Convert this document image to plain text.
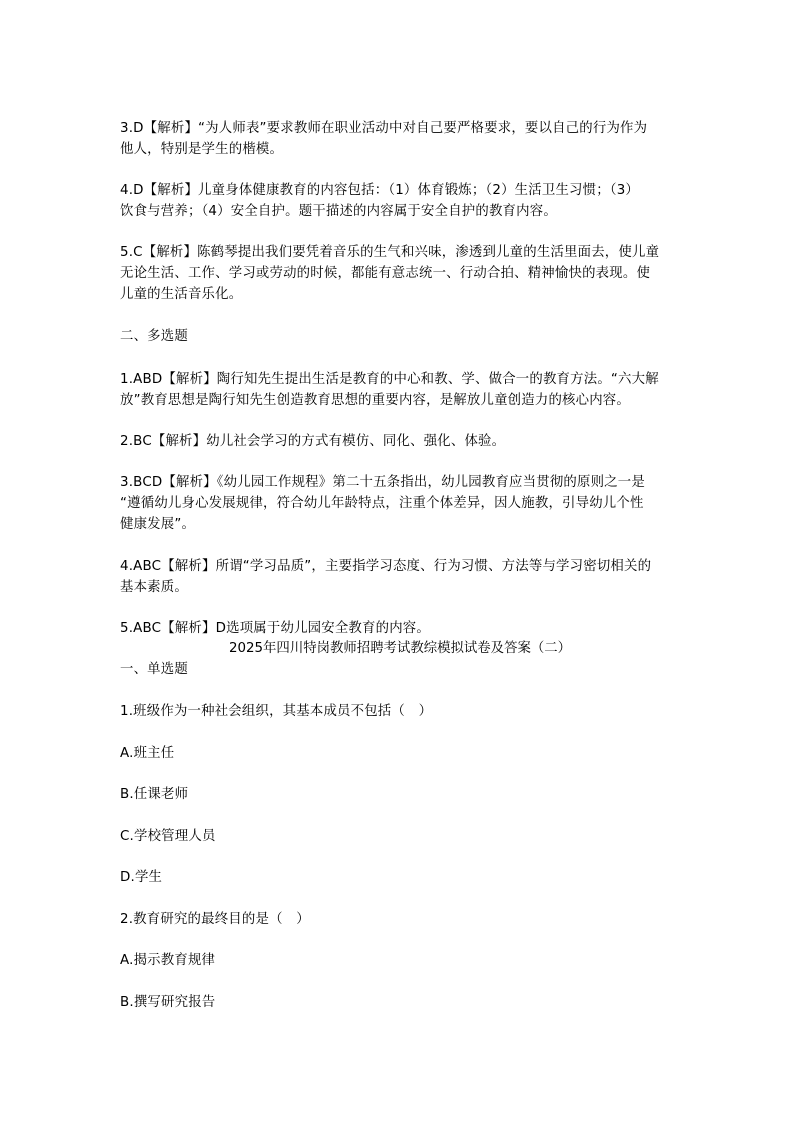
3.D【解析】“为人师表”要求教师在职业活动中对自己要严格要求，要以自己的行为作为
他人，特别是学生的楷模。
4.D【解析】儿童身体健康教育的内容包括：（1）体育锻炼；（2）生活卫生习惯；（3）
饮食与营养；（4）安全自护。题干描述的内容属于安全自护的教育内容。
5.C【解析】陈鹤琴提出我们要凭着音乐的生气和兴味，渗透到儿童的生活里面去，使儿童
无论生活、工作、学习或劳动的时候，都能有意志统一、行动合拍、精神愉快的表现。使
儿童的生活音乐化。
二、多选题
1.ABD【解析】陶行知先生提出生活是教育的中心和教、学、做合一的教育方法。“六大解
放”教育思想是陶行知先生创造教育思想的重要内容，是解放儿童创造力的核心内容。
2.BC【解析】幼儿社会学习的方式有模仿、同化、强化、体验。
3.BCD【解析】《幼儿园工作规程》第二十五条指出，幼儿园教育应当贯彻的原则之一是
“遵循幼儿身心发展规律，符合幼儿年龄特点，注重个体差异，因人施教，引导幼儿个性
健康发展”。
4.ABC【解析】所谓“学习品质”，主要指学习态度、行为习惯、方法等与学习密切相关的
基本素质。
5.ABC【解析】D选项属于幼儿园安全教育的内容。
2025年四川特岗教师招聘考试教综模拟试卷及答案（二）
一、单选题
1.班级作为一种社会组织，其基本成员不包括（　）
A.班主任
B.任课老师
C.学校管理人员
D.学生
2.教育研究的最终目的是（　）
A.揭示教育规律
B.撰写研究报告
